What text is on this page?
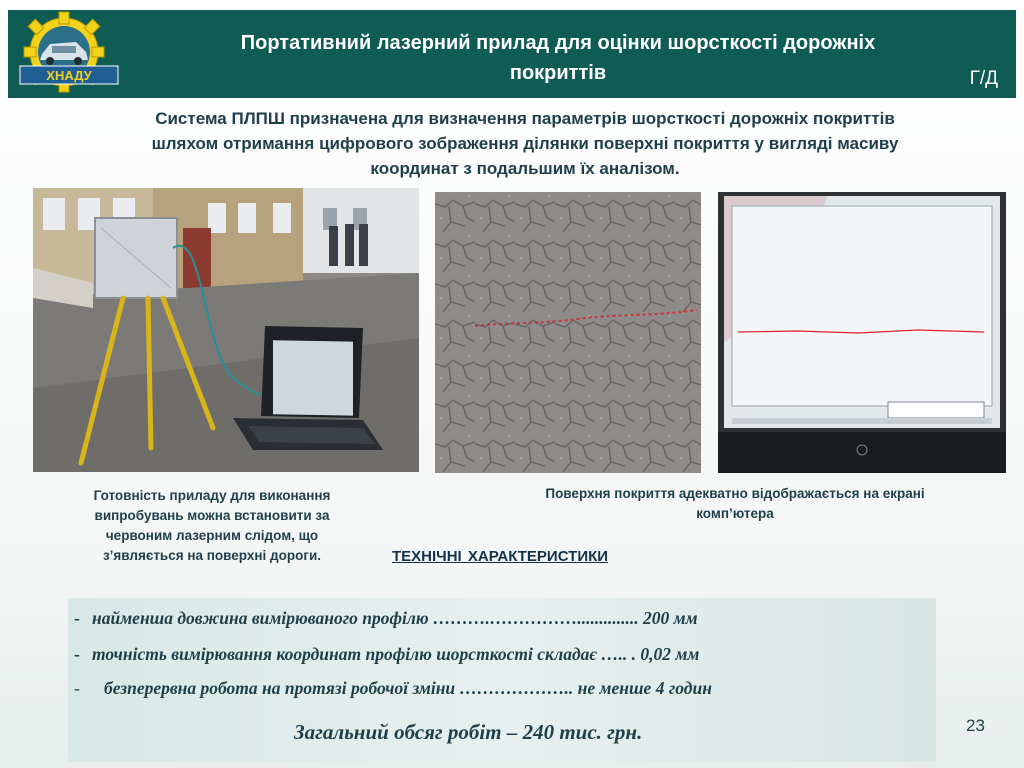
Портативний лазерний прилад для оцінки шорсткості дорожніх
покриттів	Г/Д
ХНАДУ
Система ПЛПШ призначена для визначення параметрів шорсткості дорожніх покриттів
шляхом отримання цифрового зображення ділянки поверхні покриття у вигляді масиву
координат з подальшим їх аналізом.
Готовність приладу для виконання
випробувань можна встановити за
червоним лазерним слідом, що
з’являється на поверхні дороги.
Поверхня покриття адекватно відображається на екрані
комп’ютера
ТЕХНІЧНІ ХАРАКТЕРИСТИКИ
- найменша довжина вимірюваного профілю ……….…………….............. 200 мм
- точність вимірювання координат профілю шорсткості складає ….. . 0,02 мм
- безперервна робота на протязі робочої зміни ……………….. не менше 4 годин
Загальний обсяг робіт – 240 тис. грн.	23
